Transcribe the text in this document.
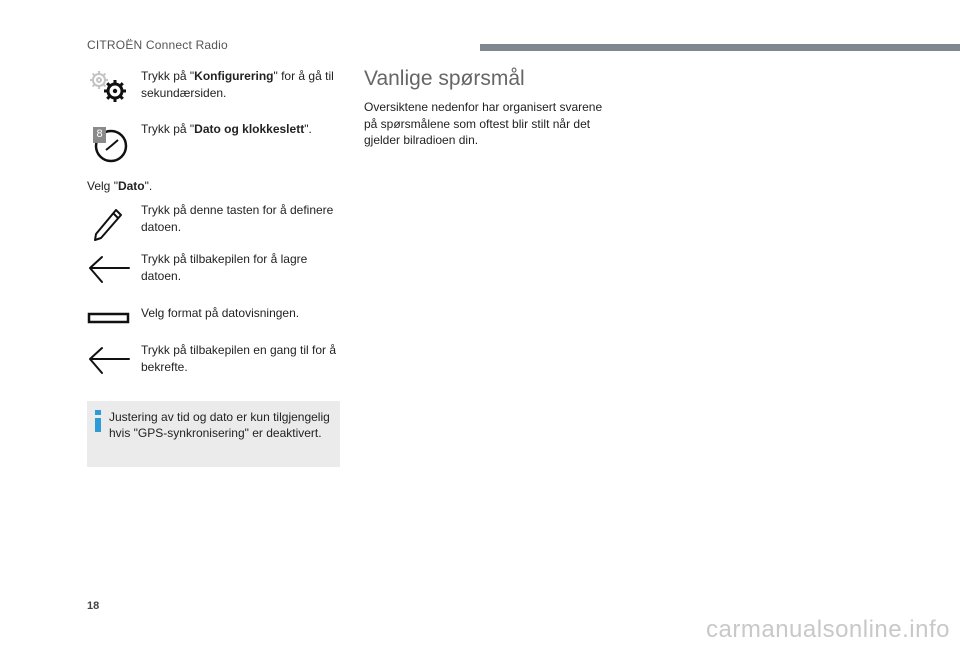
CITROËN Connect Radio
Trykk på "Konfigurering" for å gå til sekundærsiden.
8	Trykk på "Dato og klokkeslett".
Velg "Dato".
Trykk på denne tasten for å definere datoen.
Trykk på tilbakepilen for å lagre datoen.
Velg format på datovisningen.
Trykk på tilbakepilen en gang til for å bekrefte.
Justering av tid og dato er kun tilgjengelig hvis "GPS-synkronisering" er deaktivert.
Vanlige spørsmål
Oversiktene nedenfor har organisert svarene på spørsmålene som oftest blir stilt når det gjelder bilradioen din.
18
carmanualsonline.info
